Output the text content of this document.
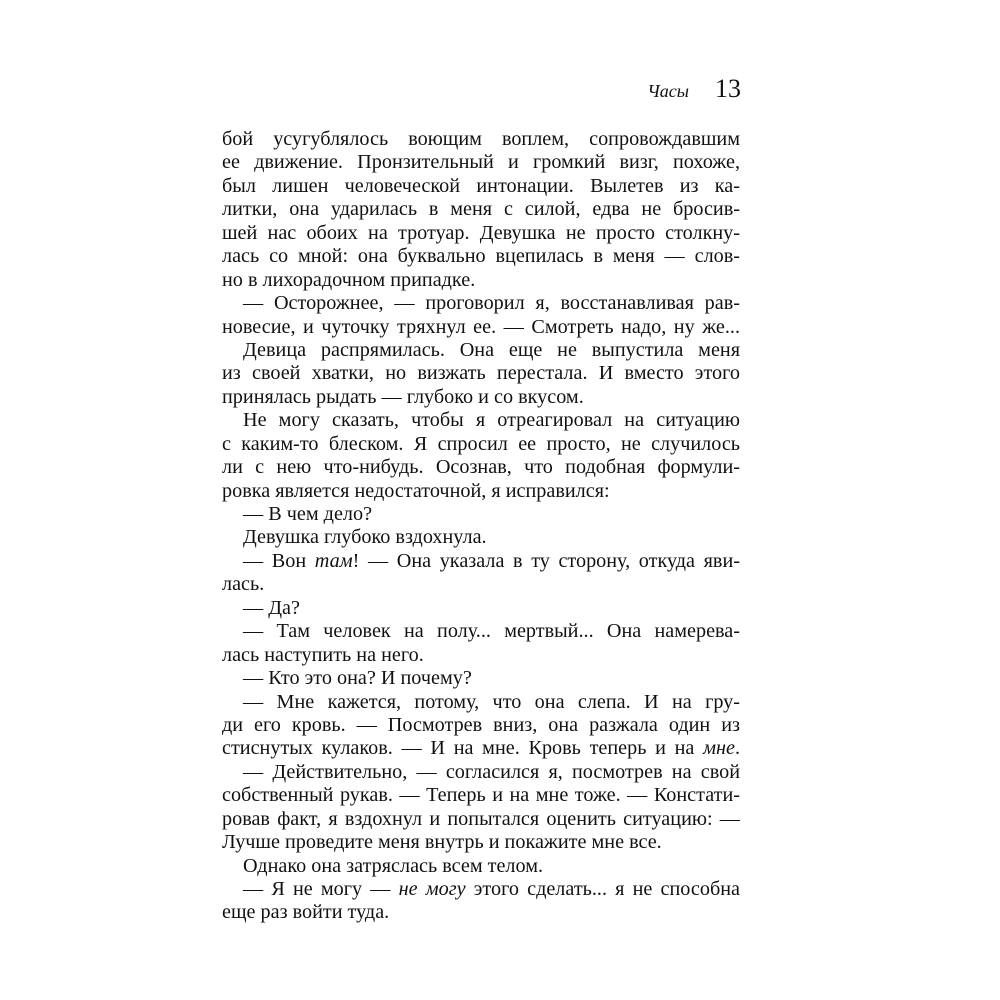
Часы 13
бой усугублялось воющим воплем, сопровождавшим
ее движение. Пронзительный и громкий визг, похоже,
был лишен человеческой интонации. Вылетев из ка-
литки, она ударилась в меня с силой, едва не бросив-
шей нас обоих на тротуар. Девушка не просто столкну-
лась со мной: она буквально вцепилась в меня — слов-
но в лихорадочном припадке.
— Осторожнее, — проговорил я, восстанавливая рав-
новесие, и чуточку тряхнул ее. — Смотреть надо, ну же...
Девица распрямилась. Она еще не выпустила меня
из своей хватки, но визжать перестала. И вместо этого
принялась рыдать — глубоко и со вкусом.
Не могу сказать, чтобы я отреагировал на ситуацию
с каким-то блеском. Я спросил ее просто, не случилось
ли с нею что-нибудь. Осознав, что подобная формули-
ровка является недостаточной, я исправился:
— В чем дело?
Девушка глубоко вздохнула.
— Вон там! — Она указала в ту сторону, откуда яви-
лась.
— Да?
— Там человек на полу... мертвый... Она намерева-
лась наступить на него.
— Кто это она? И почему?
— Мне кажется, потому, что она слепа. И на гру-
ди его кровь. — Посмотрев вниз, она разжала один из
стиснутых кулаков. — И на мне. Кровь теперь и на мне.
— Действительно, — согласился я, посмотрев на свой
собственный рукав. — Теперь и на мне тоже. — Констати-
ровав факт, я вздохнул и попытался оценить ситуацию: —
Лучше проведите меня внутрь и покажите мне все.
Однако она затряслась всем телом.
— Я не могу — не могу этого сделать... я не способна
еще раз войти туда.
